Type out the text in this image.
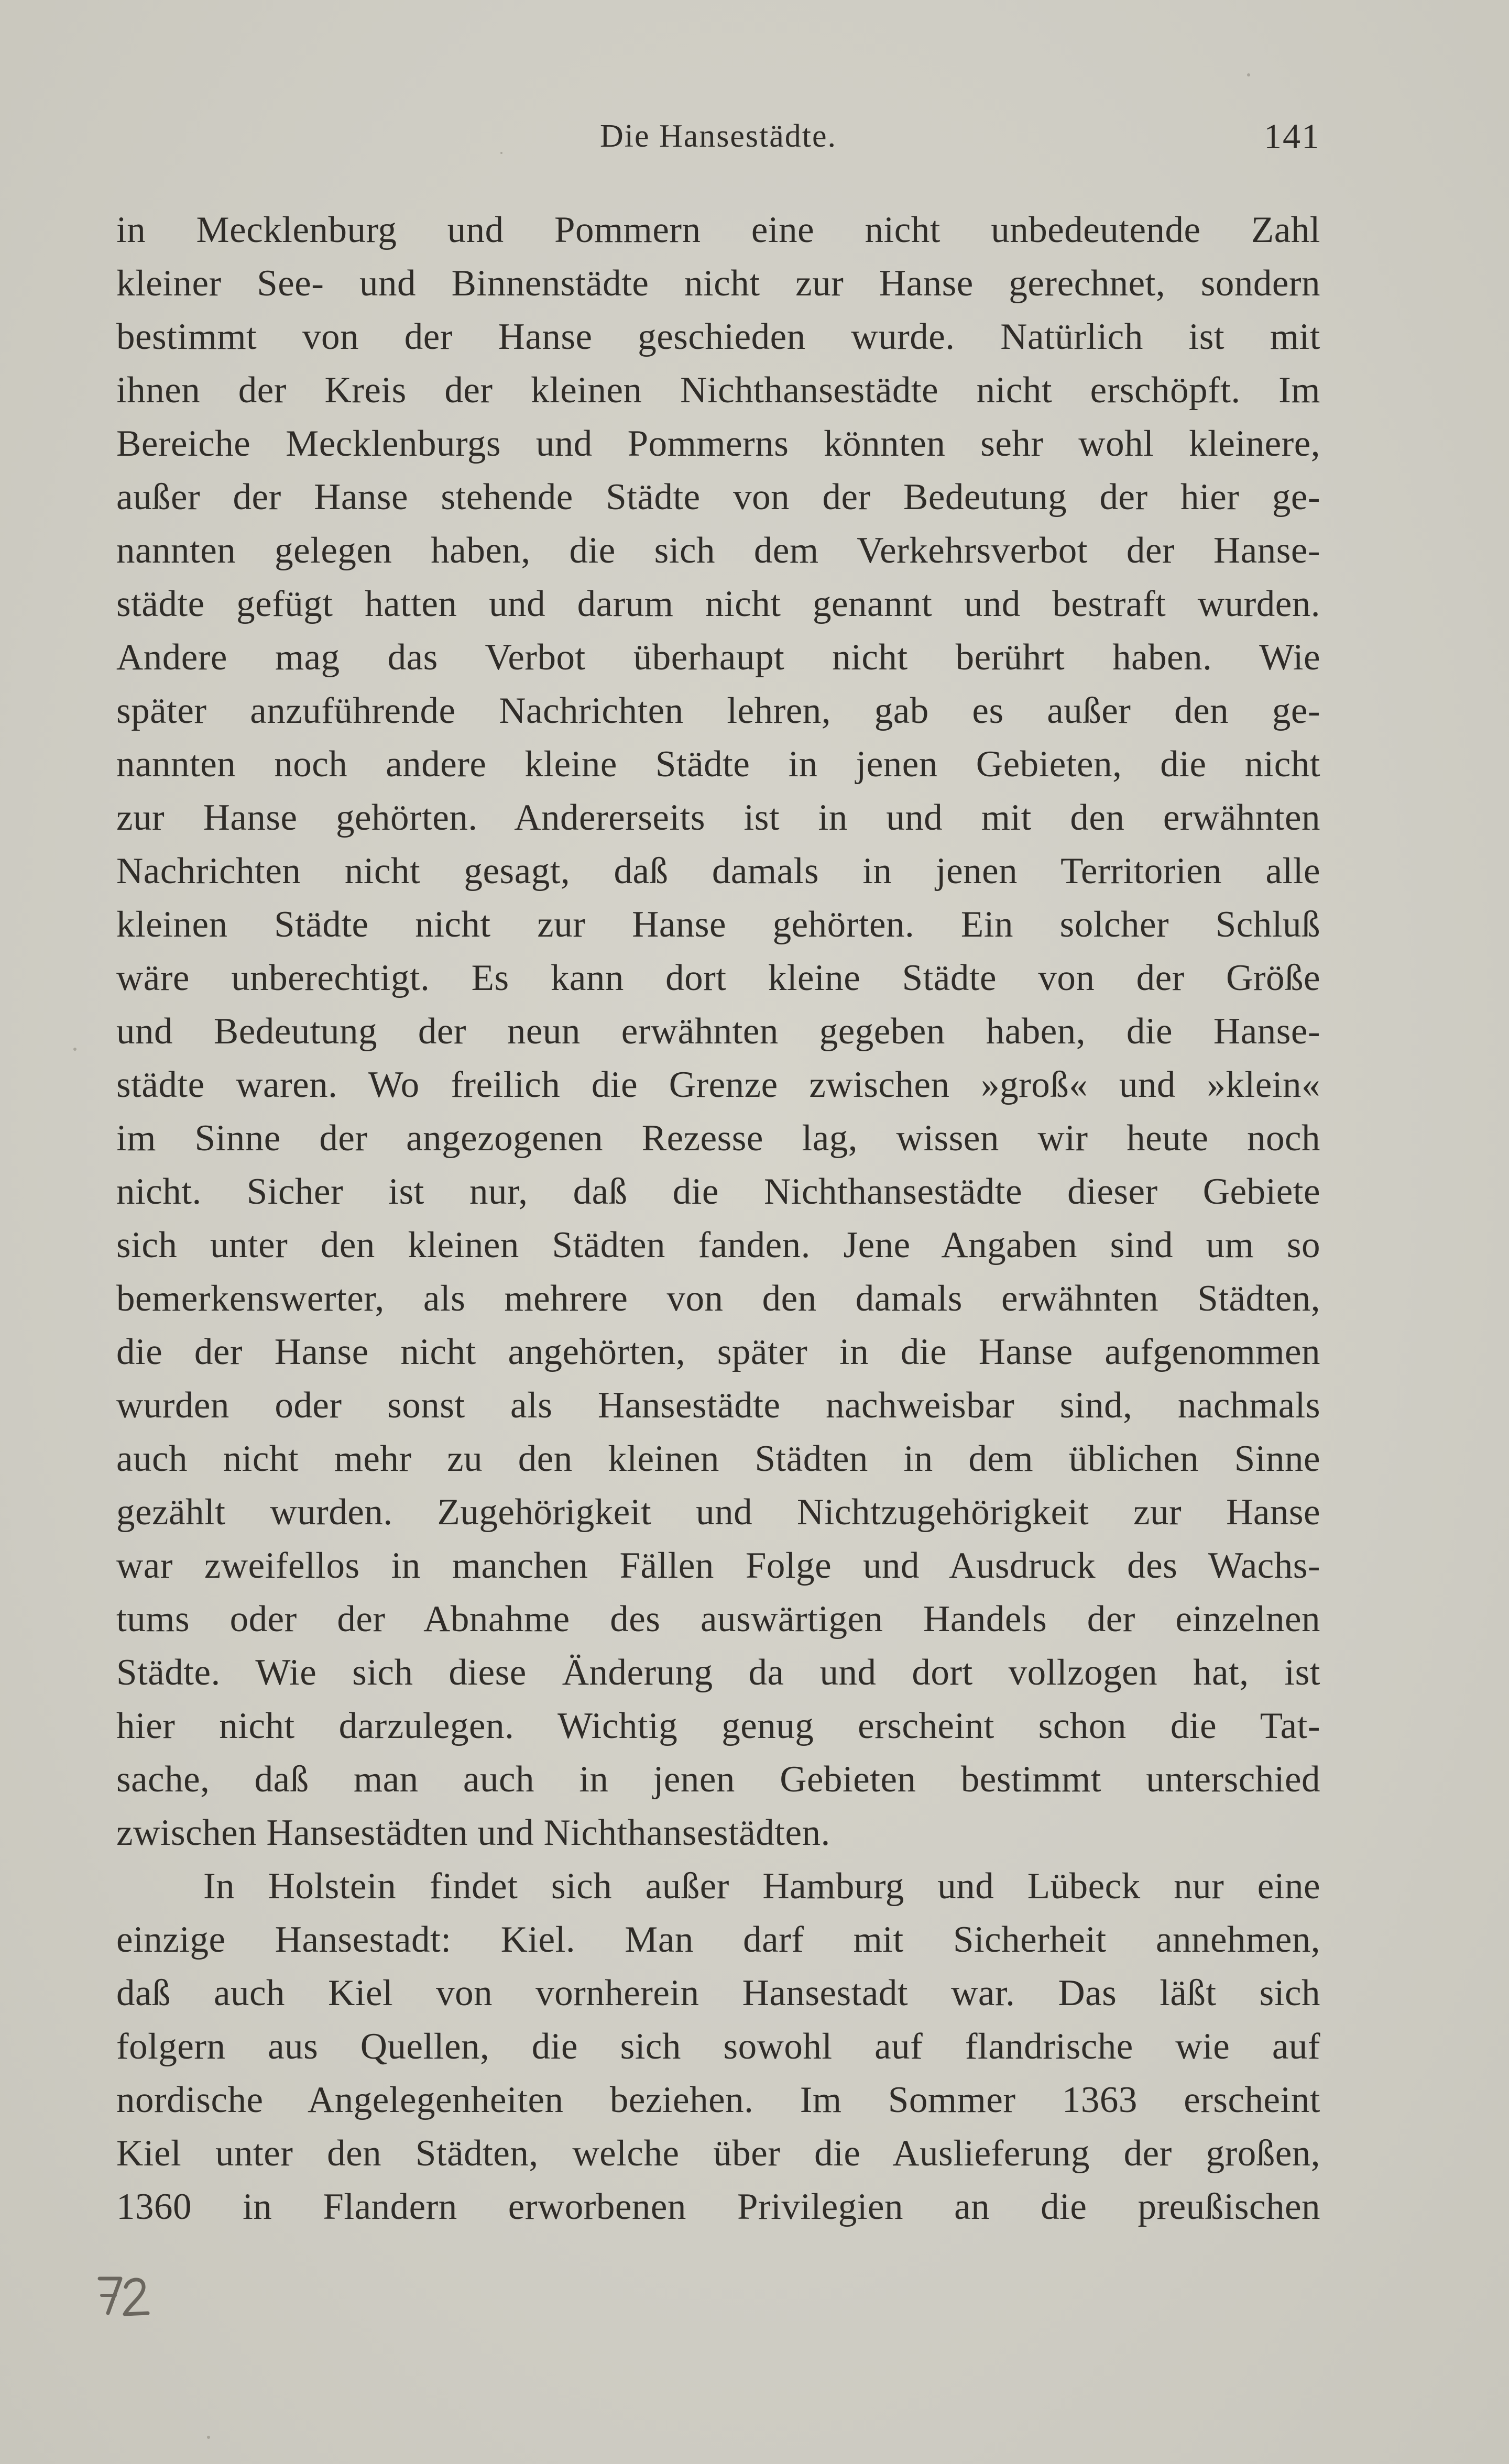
Die Hansestädte.	141
in Mecklenburg und Pommern eine nicht unbedeutende Zahl
kleiner See- und Binnenstädte nicht zur Hanse gerechnet, sondern
bestimmt von der Hanse geschieden wurde. Natürlich ist mit
ihnen der Kreis der kleinen Nichthansestädte nicht erschöpft. Im
Bereiche Mecklenburgs und Pommerns könnten sehr wohl kleinere,
außer der Hanse stehende Städte von der Bedeutung der hier ge-
nannten gelegen haben, die sich dem Verkehrsverbot der Hanse-
städte gefügt hatten und darum nicht genannt und bestraft wurden.
Andere mag das Verbot überhaupt nicht berührt haben. Wie
später anzuführende Nachrichten lehren, gab es außer den ge-
nannten noch andere kleine Städte in jenen Gebieten, die nicht
zur Hanse gehörten. Andererseits ist in und mit den erwähnten
Nachrichten nicht gesagt, daß damals in jenen Territorien alle
kleinen Städte nicht zur Hanse gehörten. Ein solcher Schluß
wäre unberechtigt. Es kann dort kleine Städte von der Größe
und Bedeutung der neun erwähnten gegeben haben, die Hanse-
städte waren. Wo freilich die Grenze zwischen »groß« und »klein«
im Sinne der angezogenen Rezesse lag, wissen wir heute noch
nicht. Sicher ist nur, daß die Nichthansestädte dieser Gebiete
sich unter den kleinen Städten fanden. Jene Angaben sind um so
bemerkenswerter, als mehrere von den damals erwähnten Städten,
die der Hanse nicht angehörten, später in die Hanse aufgenommen
wurden oder sonst als Hansestädte nachweisbar sind, nachmals
auch nicht mehr zu den kleinen Städten in dem üblichen Sinne
gezählt wurden. Zugehörigkeit und Nichtzugehörigkeit zur Hanse
war zweifellos in manchen Fällen Folge und Ausdruck des Wachs-
tums oder der Abnahme des auswärtigen Handels der einzelnen
Städte. Wie sich diese Änderung da und dort vollzogen hat, ist
hier nicht darzulegen. Wichtig genug erscheint schon die Tat-
sache, daß man auch in jenen Gebieten bestimmt unterschied
zwischen Hansestädten und Nichthansestädten.
In Holstein findet sich außer Hamburg und Lübeck nur eine
einzige Hansestadt: Kiel. Man darf mit Sicherheit annehmen,
daß auch Kiel von vornherein Hansestadt war. Das läßt sich
folgern aus Quellen, die sich sowohl auf flandrische wie auf
nordische Angelegenheiten beziehen. Im Sommer 1363 erscheint
Kiel unter den Städten, welche über die Auslieferung der großen,
1360 in Flandern erworbenen Privilegien an die preußischen
